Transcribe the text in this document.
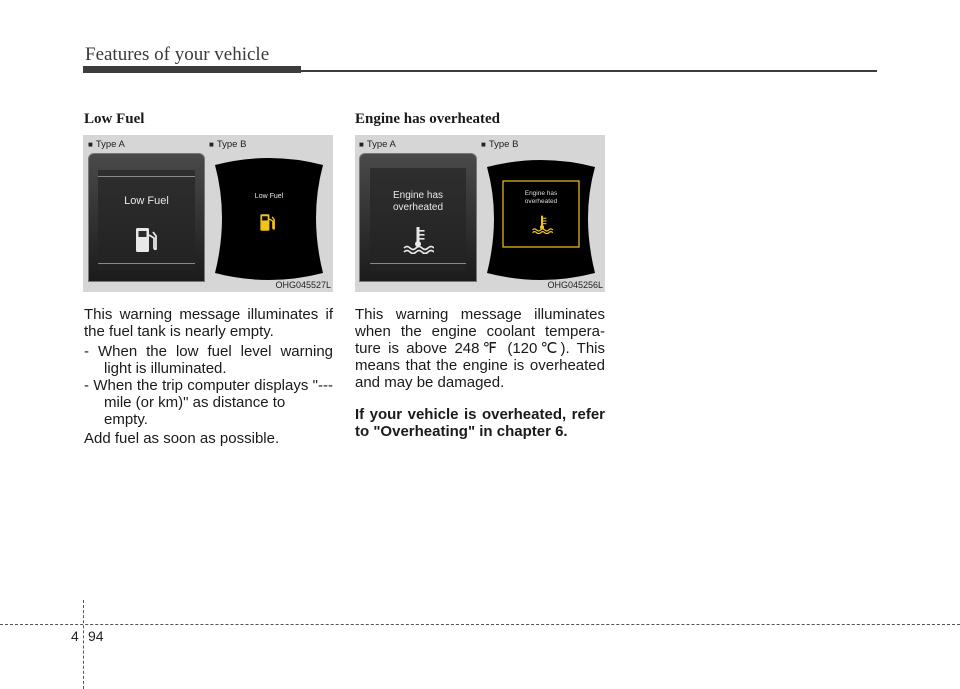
Features of your vehicle
Low Fuel
■ Type A	■ Type B
Low Fuel	Low Fuel
OHG045527L
This warning message illuminates if
the fuel tank is nearly empty.
- When the low fuel level warning
light is illuminated.
- When the trip computer displays "---
mile (or km)" as distance to empty.
Add fuel as soon as possible.
Engine has overheated
■ Type A	■ Type B
Engine has
overheated
Engine has
overheated
OHG045256L
This warning message illuminates
when the engine coolant tempera-
ture is above 248℉ (120℃). This
means that the engine is overheated
and may be damaged.
If your vehicle is overheated, refer
to "Overheating" in chapter 6.
4 94
